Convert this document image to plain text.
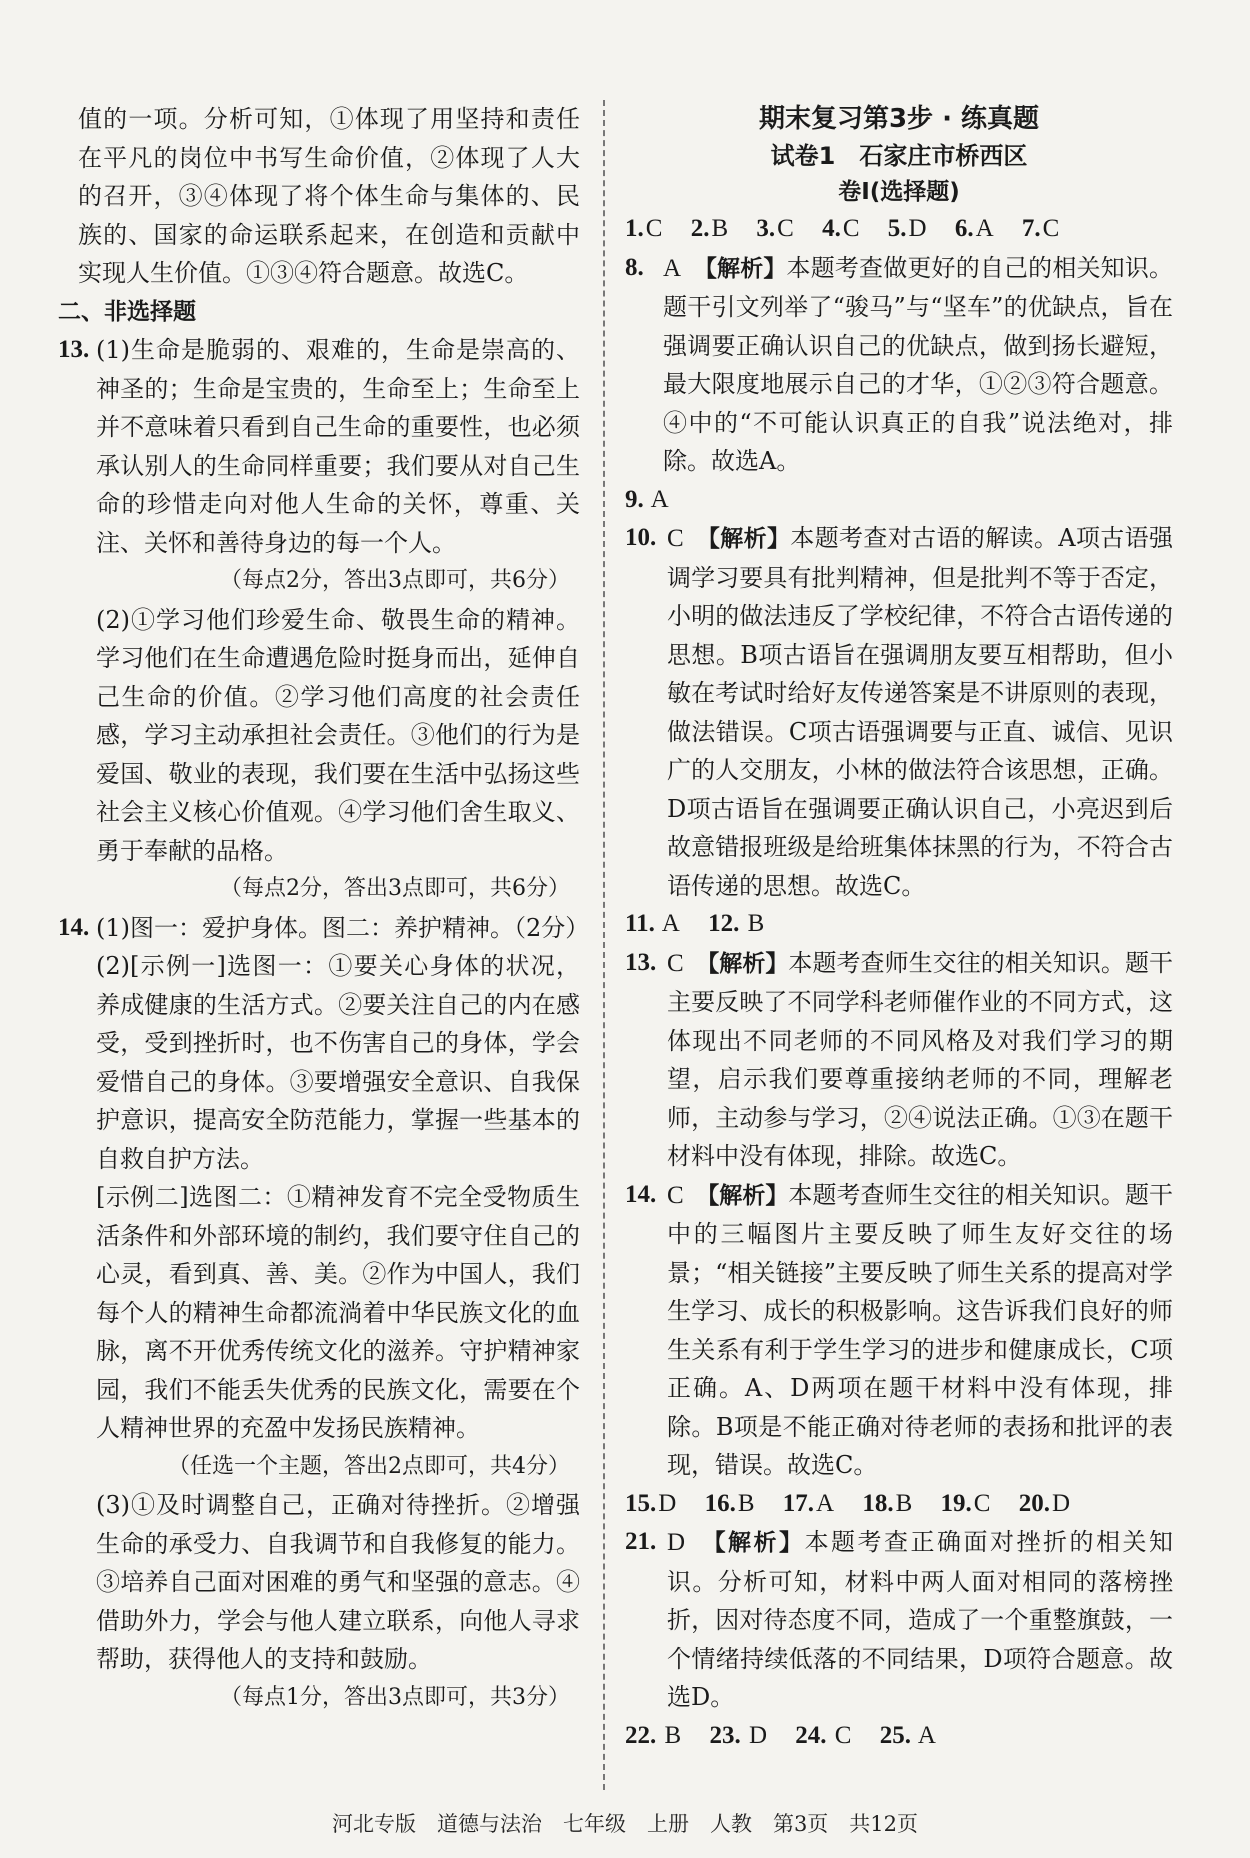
值的一项。分析可知，①体现了用坚持和责任在平凡的岗位中书写生命价值，②体现了人大的召开，③④体现了将个体生命与集体的、民族的、国家的命运联系起来，在创造和贡献中实现人生价值。①③④符合题意。故选C。

二、非选择题
13. (1)生命是脆弱的、艰难的，生命是崇高的、神圣的；生命是宝贵的，生命至上；生命至上并不意味着只看到自己生命的重要性，也必须承认别人的生命同样重要；我们要从对自己生命的珍惜走向对他人生命的关怀，尊重、关注、关怀和善待身边的每一个人。

（每点2分，答出3点即可，共6分）

(2)①学习他们珍爱生命、敬畏生命的精神。学习他们在生命遭遇危险时挺身而出，延伸自己生命的价值。②学习他们高度的社会责任感，学习主动承担社会责任。③他们的行为是爱国、敬业的表现，我们要在生活中弘扬这些社会主义核心价值观。④学习他们舍生取义、勇于奉献的品格。

（每点2分，答出3点即可，共6分）

14. (1)图一：爱护身体。图二：养护精神。（2分）

(2)[示例一]选图一：①要关心身体的状况，养成健康的生活方式。②要关注自己的内在感受，受到挫折时，也不伤害自己的身体，学会爱惜自己的身体。③要增强安全意识、自我保护意识，提高安全防范能力，掌握一些基本的自救自护方法。

[示例二]选图二：①精神发育不完全受物质生活条件和外部环境的制约，我们要守住自己的心灵，看到真、善、美。②作为中国人，我们每个人的精神生命都流淌着中华民族文化的血脉，离不开优秀传统文化的滋养。守护精神家园，我们不能丢失优秀的民族文化，需要在个人精神世界的充盈中发扬民族精神。

（任选一个主题，答出2点即可，共4分）

(3)①及时调整自己，正确对待挫折。②增强生命的承受力、自我调节和自我修复的能力。③培养自己面对困难的勇气和坚强的意志。④借助外力，学会与他人建立联系，向他人寻求帮助，获得他人的支持和鼓励。

（每点1分，答出3点即可，共3分）

期末复习第3步 · 练真题
试卷1　石家庄市桥西区
卷Ⅰ(选择题)
1.C 2.B 3.C 4.C 5.D 6.A 7.C
8. A　 【解析】本题考查做更好的自己的相关知识。题干引文列举了“骏马”与“坚车”的优缺点，旨在强调要正确认识自己的优缺点，做到扬长避短，最大限度地展示自己的才华，①②③符合题意。④中的“不可能认识真正的自我”说法绝对，排除。故选A。

9. A
10. C　 【解析】本题考查对古语的解读。A项古语强调学习要具有批判精神，但是批判不等于否定，小明的做法违反了学校纪律，不符合古语传递的思想。B项古语旨在强调朋友要互相帮助，但小敏在考试时给好友传递答案是不讲原则的表现，做法错误。C项古语强调要与正直、诚信、见识广的人交朋友，小林的做法符合该思想，正确。D项古语旨在强调要正确认识自己，小亮迟到后故意错报班级是给班集体抹黑的行为，不符合古语传递的思想。故选C。

11. A 12. B
13. C　 【解析】本题考查师生交往的相关知识。题干主要反映了不同学科老师催作业的不同方式，这体现出不同老师的不同风格及对我们学习的期望，启示我们要尊重接纳老师的不同，理解老师，主动参与学习，②④说法正确。①③在题干材料中没有体现，排除。故选C。

14. C　 【解析】本题考查师生交往的相关知识。题干中的三幅图片主要反映了师生友好交往的场景；“相关链接”主要反映了师生关系的提高对学生学习、成长的积极影响。这告诉我们良好的师生关系有利于学生学习的进步和健康成长，C项正确。A、D两项在题干材料中没有体现，排除。B项是不能正确对待老师的表扬和批评的表现，错误。故选C。

15.D 16.B 17.A 18.B 19.C 20.D
21. D　 【解析】本题考查正确面对挫折的相关知识。分析可知，材料中两人面对相同的落榜挫折，因对待态度不同，造成了一个重整旗鼓，一个情绪持续低落的不同结果，D项符合题意。故选D。

22. B 23. D 24. C 25. A
河北专版　道德与法治　七年级　上册　人教　第3页　共12页
